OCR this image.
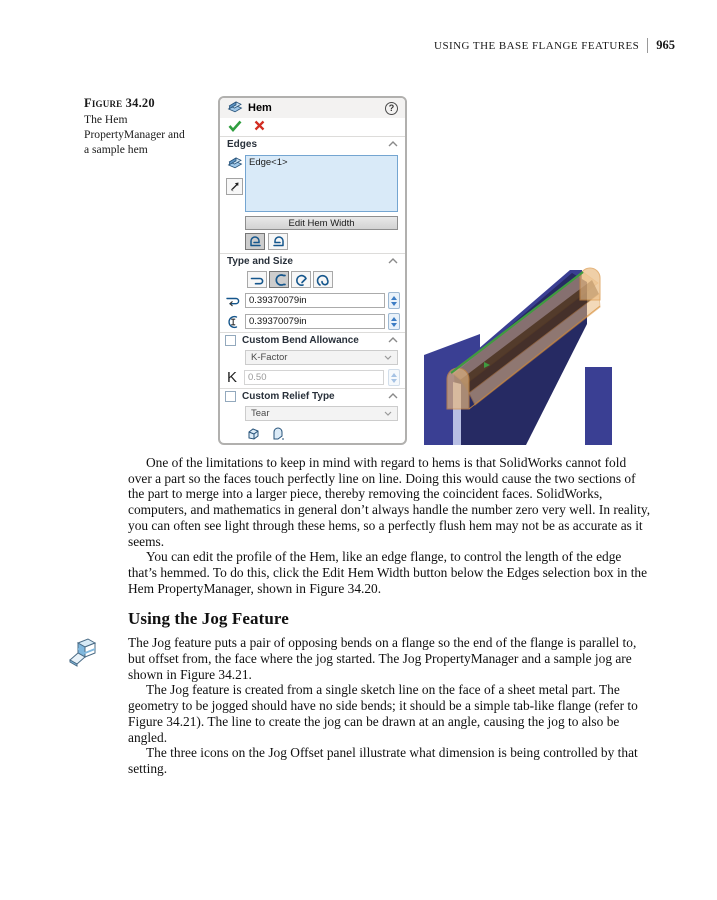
USING THE BASE FLANGE FEATURES 965
Figure 34.20
The Hem
PropertyManager and
a sample hem
Hem	?
Edges
Edge<1>
Edit Hem Width
Type and Size
0.39370079in
0.39370079in
Custom Bend Allowance
K-Factor
K	0.50
Custom Relief Type
Tear

One of the limitations to keep in mind with regard to hems is that SolidWorks cannot fold over a part so the faces touch perfectly line on line. Doing this would cause the two sections of the part to merge into a larger piece, thereby removing the coincident faces. SolidWorks, computers, and mathematics in general don’t always handle the number zero very well. In reality, you can often see light through these hems, so a perfectly flush hem may not be as accurate as it seems.

You can edit the profile of the Hem, like an edge flange, to control the length of the edge that’s hemmed. To do this, click the Edit Hem Width button below the Edges selection box in the Hem PropertyManager, shown in Figure 34.20.

Using the Jog Feature

The Jog feature puts a pair of opposing bends on a flange so the end of the flange is parallel to, but offset from, the face where the jog started. The Jog PropertyManager and a sample jog are shown in Figure 34.21.

The Jog feature is created from a single sketch line on the face of a sheet metal part. The geometry to be jogged should have no side bends; it should be a simple tab-like flange (refer to Figure 34.21). The line to create the jog can be drawn at an angle, causing the jog to also be angled.

The three icons on the Jog Offset panel illustrate what dimension is being controlled by that setting.
